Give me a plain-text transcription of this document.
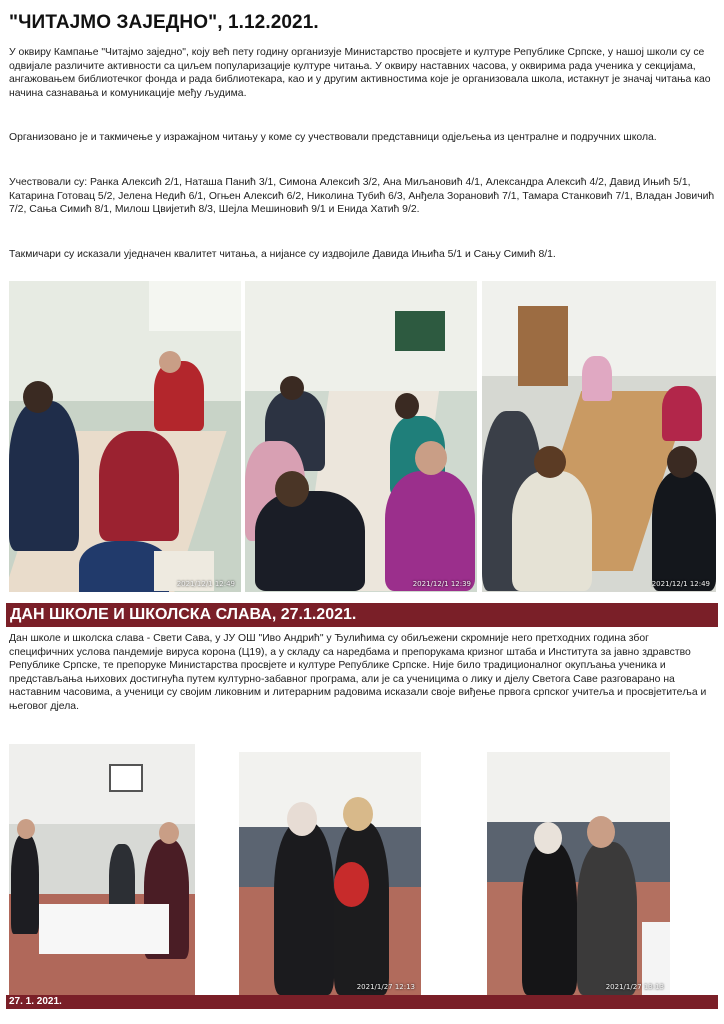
"ЧИТАЈМО ЗАЈЕДНО", 1.12.2021.

У оквиру Кампање "Читајмо заједно", коју већ пету годину организује Министарство просвјете и културе Републике Српске, у нашој школи су се одвијале различите активности са циљем популаризације културе читања. У оквиру наставних часова, у оквирима рада ученика у секцијама, ангажовањем библиотечког фонда и рада библиотекара, као и у другим активностима које је организовала школа, истакнут је значај читања као начина сазнавања и комуникације међу људима.

Организовано је и такмичење у изражајном читању у коме су учествовали представници одјељења из централне и подручних школа.

Учествовали су: Ранка Алексић 2/1, Наташа Панић 3/1, Симона Алексић 3/2, Ана Миљановић 4/1, Александра Алексић 4/2, Давид Ињић 5/1, Катарина Готовац 5/2, Јелена Недић 6/1, Огњен Алексић 6/2, Николина Тубић 6/3, Анђела Зорановић 7/1, Тамара Станковић 7/1, Владан Јовичић 7/2, Сања Симић 8/1, Милош Цвијетић 8/3, Шејла Мешиновић 9/1 и Енида Хатић 9/2.

Такмичари су исказали уједначен квалитет читања, а нијансе су издвојиле Давида Ињића 5/1 и Сању Симић 8/1.

2021/12/1 12:49	2021/12/1 12:39	2021/12/1 12:49
ДАН ШКОЛЕ И ШКОЛСКА СЛАВА, 27.1.2021.

Дан школе и школска слава - Свети Сава, у ЈУ ОШ "Иво Андрић" у Ђулићима су обиљежени скромније него претходних година због специфичних услова пандемије вируса корона (Ц19), а у складу са наредбама и препорукама кризног штаба и Института за јавно здравство Републике Српске, те препоруке Министарства просвјете и културе Републике Српске. Није било традиционалног окупљања ученика и представљања њихових достигнућа путем културно-забавног програма, али је са ученицима о лику и дјелу Светога Саве разговарано на наставним часовима, а ученици су својим ликовним и литерарним радовима исказали своје виђење првога српског учитеља и просвјетитеља и његовог дјела.

2021/1/27 12:13	2021/1/27 13:13
27. 1. 2021.
